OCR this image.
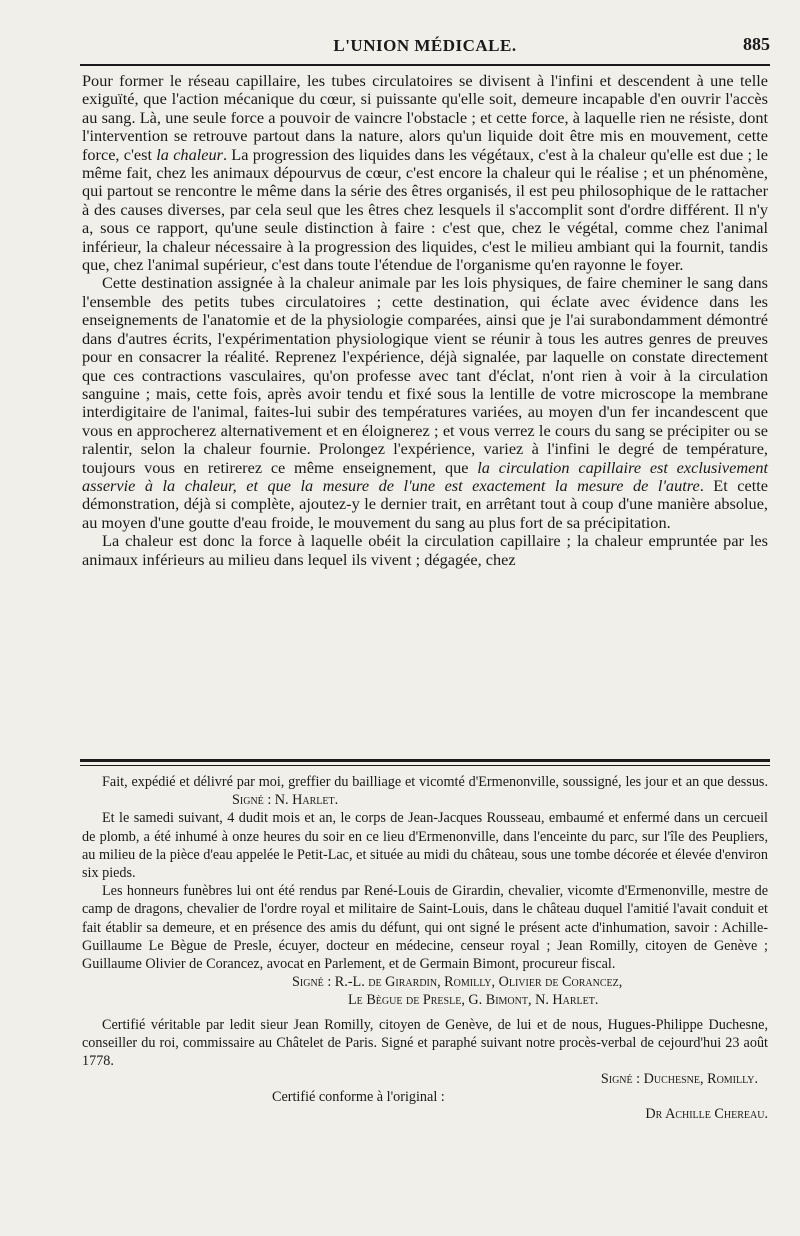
L'UNION MÉDICALE.	885

Pour former le réseau capillaire, les tubes circulatoires se divisent à l'infini et descendent à une telle exiguïté, que l'action mécanique du cœur, si puissante qu'elle soit, demeure incapable d'en ouvrir l'accès au sang. Là, une seule force a pouvoir de vaincre l'obstacle ; et cette force, à laquelle rien ne résiste, dont l'intervention se retrouve partout dans la nature, alors qu'un liquide doit être mis en mouvement, cette force, c'est la chaleur. La progression des liquides dans les végétaux, c'est à la chaleur qu'elle est due ; le même fait, chez les animaux dépourvus de cœur, c'est encore la chaleur qui le réalise ; et un phénomène, qui partout se rencontre le même dans la série des êtres organisés, il est peu philosophique de le rattacher à des causes diverses, par cela seul que les êtres chez lesquels il s'accomplit sont d'ordre différent. Il n'y a, sous ce rapport, qu'une seule distinction à faire : c'est que, chez le végétal, comme chez l'animal inférieur, la chaleur nécessaire à la progression des liquides, c'est le milieu ambiant qui la fournit, tandis que, chez l'animal supérieur, c'est dans toute l'étendue de l'organisme qu'en rayonne le foyer.

Cette destination assignée à la chaleur animale par les lois physiques, de faire cheminer le sang dans l'ensemble des petits tubes circulatoires ; cette destination, qui éclate avec évidence dans les enseignements de l'anatomie et de la physiologie comparées, ainsi que je l'ai surabondamment démontré dans d'autres écrits, l'expérimentation physiologique vient se réunir à tous les autres genres de preuves pour en consacrer la réalité. Reprenez l'expérience, déjà signalée, par laquelle on constate directement que ces contractions vasculaires, qu'on professe avec tant d'éclat, n'ont rien à voir à la circulation sanguine ; mais, cette fois, après avoir tendu et fixé sous la lentille de votre microscope la membrane interdigitaire de l'animal, faites-lui subir des températures variées, au moyen d'un fer incandescent que vous en approcherez alternativement et en éloignerez ; et vous verrez le cours du sang se précipiter ou se ralentir, selon la chaleur fournie. Prolongez l'expérience, variez à l'infini le degré de température, toujours vous en retirerez ce même enseignement, que la circulation capillaire est exclusivement asservie à la chaleur, et que la mesure de l'une est exactement la mesure de l'autre. Et cette démonstration, déjà si complète, ajoutez-y le dernier trait, en arrêtant tout à coup d'une manière absolue, au moyen d'une goutte d'eau froide, le mouvement du sang au plus fort de sa précipitation.

La chaleur est donc la force à laquelle obéit la circulation capillaire ; la chaleur empruntée par les animaux inférieurs au milieu dans lequel ils vivent ; dégagée, chez

Fait, expédié et délivré par moi, greffier du bailliage et vicomté d'Ermenonville, soussigné, les jour et an que dessus. Signé : N. Harlet.

Et le samedi suivant, 4 dudit mois et an, le corps de Jean-Jacques Rousseau, embaumé et enfermé dans un cercueil de plomb, a été inhumé à onze heures du soir en ce lieu d'Ermenonville, dans l'enceinte du parc, sur l'île des Peupliers, au milieu de la pièce d'eau appelée le Petit-Lac, et située au midi du château, sous une tombe décorée et élevée d'environ six pieds.

Les honneurs funèbres lui ont été rendus par René-Louis de Girardin, chevalier, vicomte d'Ermenonville, mestre de camp de dragons, chevalier de l'ordre royal et militaire de Saint-Louis, dans le château duquel l'amitié l'avait conduit et fait établir sa demeure, et en présence des amis du défunt, qui ont signé le présent acte d'inhumation, savoir : Achille-Guillaume Le Bègue de Presle, écuyer, docteur en médecine, censeur royal ; Jean Romilly, citoyen de Genève ; Guillaume Olivier de Corancez, avocat en Parlement, et de Germain Bimont, procureur fiscal.

Signé : R.-L. de Girardin, Romilly, Olivier de Corancez,
Le Bègue de Presle, G. Bimont, N. Harlet.

Certifié véritable par ledit sieur Jean Romilly, citoyen de Genève, de lui et de nous, Hugues-Philippe Duchesne, conseiller du roi, commissaire au Châtelet de Paris. Signé et paraphé suivant notre procès-verbal de cejourd'hui 23 août 1778.

Signé : Duchesne, Romilly.
Certifié conforme à l'original :
Dr Achille Chereau.
